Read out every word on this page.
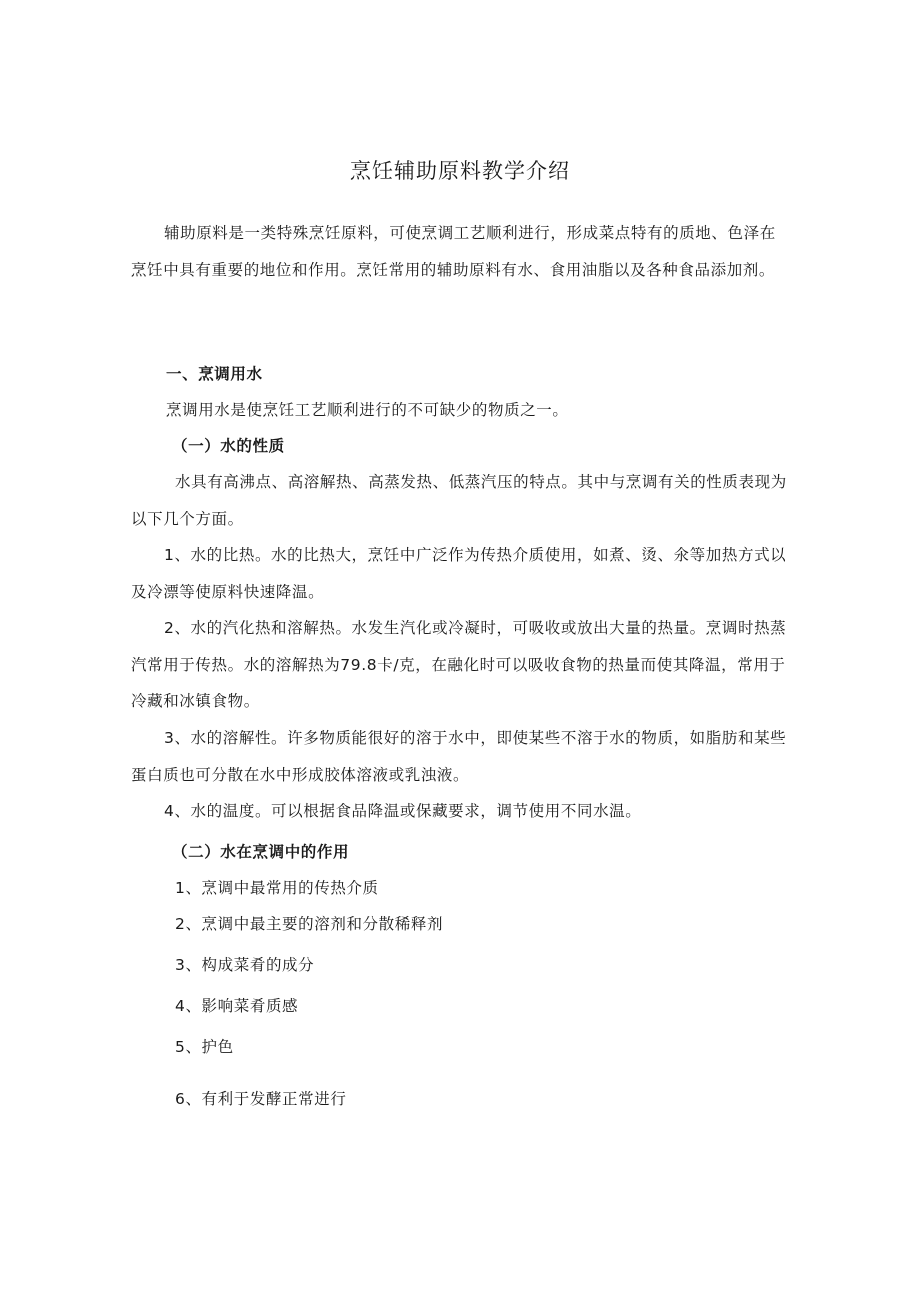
烹饪辅助原料教学介绍

辅助原料是一类特殊烹饪原料，可使烹调工艺顺利进行，形成菜点特有的质地、色泽在烹饪中具有重要的地位和作用。烹饪常用的辅助原料有水、食用油脂以及各种食品添加剂。

一、烹调用水

烹调用水是使烹饪工艺顺利进行的不可缺少的物质之一。

（一）水的性质

水具有高沸点、高溶解热、高蒸发热、低蒸汽压的特点。其中与烹调有关的性质表现为以下几个方面。

1、水的比热。水的比热大，烹饪中广泛作为传热介质使用，如煮、烫、氽等加热方式以及冷漂等使原料快速降温。

2、水的汽化热和溶解热。水发生汽化或冷凝时，可吸收或放出大量的热量。烹调时热蒸汽常用于传热。水的溶解热为79.8卡/克，在融化时可以吸收食物的热量而使其降温，常用于冷藏和冰镇食物。

3、水的溶解性。许多物质能很好的溶于水中，即使某些不溶于水的物质，如脂肪和某些蛋白质也可分散在水中形成胶体溶液或乳浊液。

4、水的温度。可以根据食品降温或保藏要求，调节使用不同水温。

（二）水在烹调中的作用

1、烹调中最常用的传热介质

2、烹调中最主要的溶剂和分散稀释剂

3、构成菜肴的成分

4、影响菜肴质感

5、护色

6、有利于发酵正常进行
